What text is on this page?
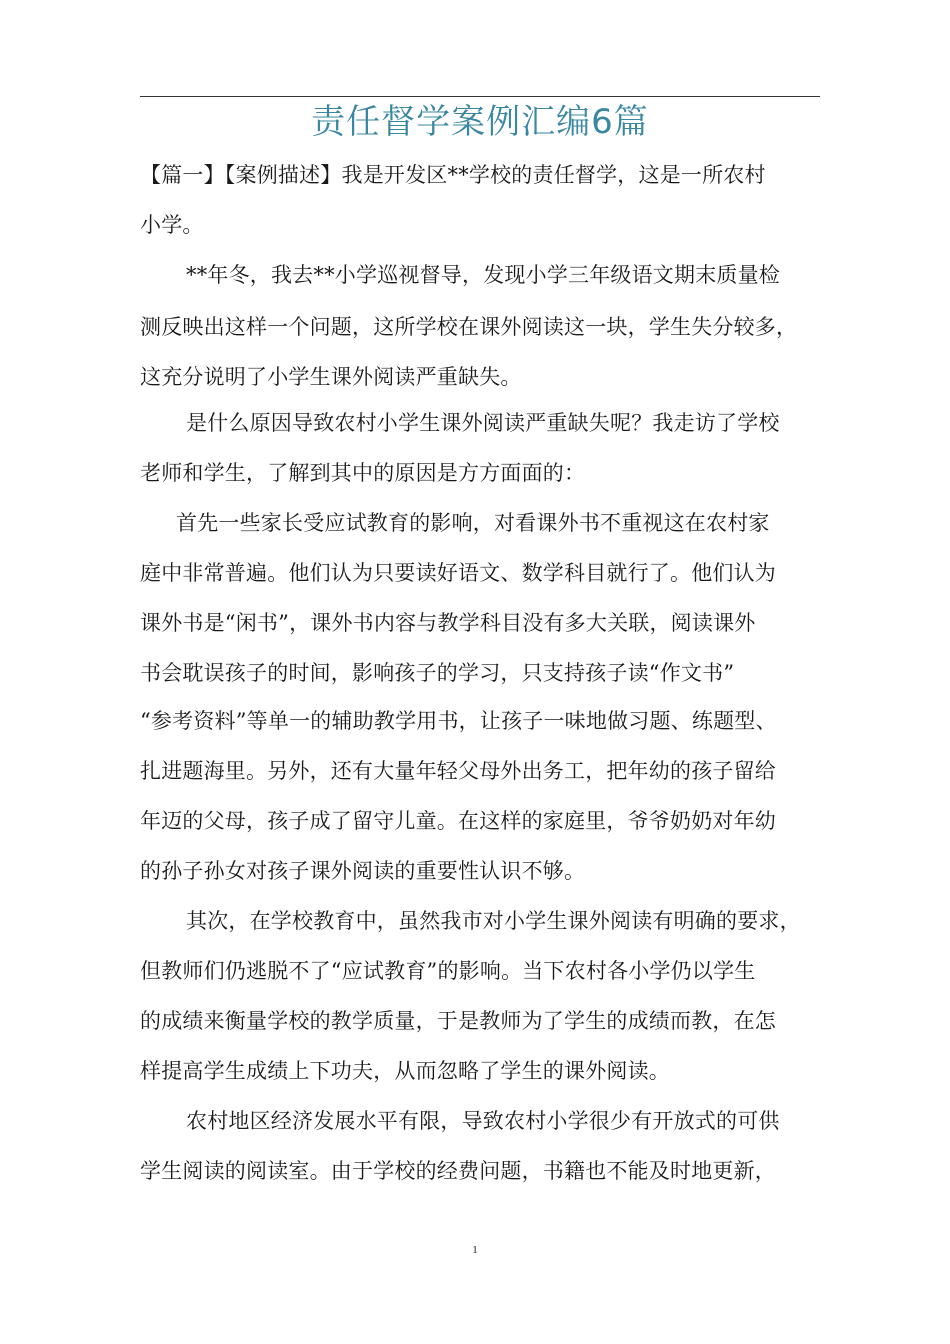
责任督学案例汇编6篇
【篇一】【案例描述】我是开发区**学校的责任督学，这是一所农村
小学。
**年冬，我去**小学巡视督导，发现小学三年级语文期末质量检
测反映出这样一个问题，这所学校在课外阅读这一块，学生失分较多，
这充分说明了小学生课外阅读严重缺失。
是什么原因导致农村小学生课外阅读严重缺失呢？我走访了学校
老师和学生，了解到其中的原因是方方面面的：
首先一些家长受应试教育的影响，对看课外书不重视这在农村家
庭中非常普遍。他们认为只要读好语文、数学科目就行了。他们认为
课外书是“闲书”，课外书内容与教学科目没有多大关联，阅读课外
书会耽误孩子的时间，影响孩子的学习，只支持孩子读“作文书”
“参考资料”等单一的辅助教学用书，让孩子一味地做习题、练题型、
扎进题海里。另外，还有大量年轻父母外出务工，把年幼的孩子留给
年迈的父母，孩子成了留守儿童。在这样的家庭里，爷爷奶奶对年幼
的孙子孙女对孩子课外阅读的重要性认识不够。
其次，在学校教育中，虽然我市对小学生课外阅读有明确的要求，
但教师们仍逃脱不了“应试教育”的影响。当下农村各小学仍以学生
的成绩来衡量学校的教学质量，于是教师为了学生的成绩而教，在怎
样提高学生成绩上下功夫，从而忽略了学生的课外阅读。
农村地区经济发展水平有限，导致农村小学很少有开放式的可供
学生阅读的阅读室。由于学校的经费问题，书籍也不能及时地更新，
1
